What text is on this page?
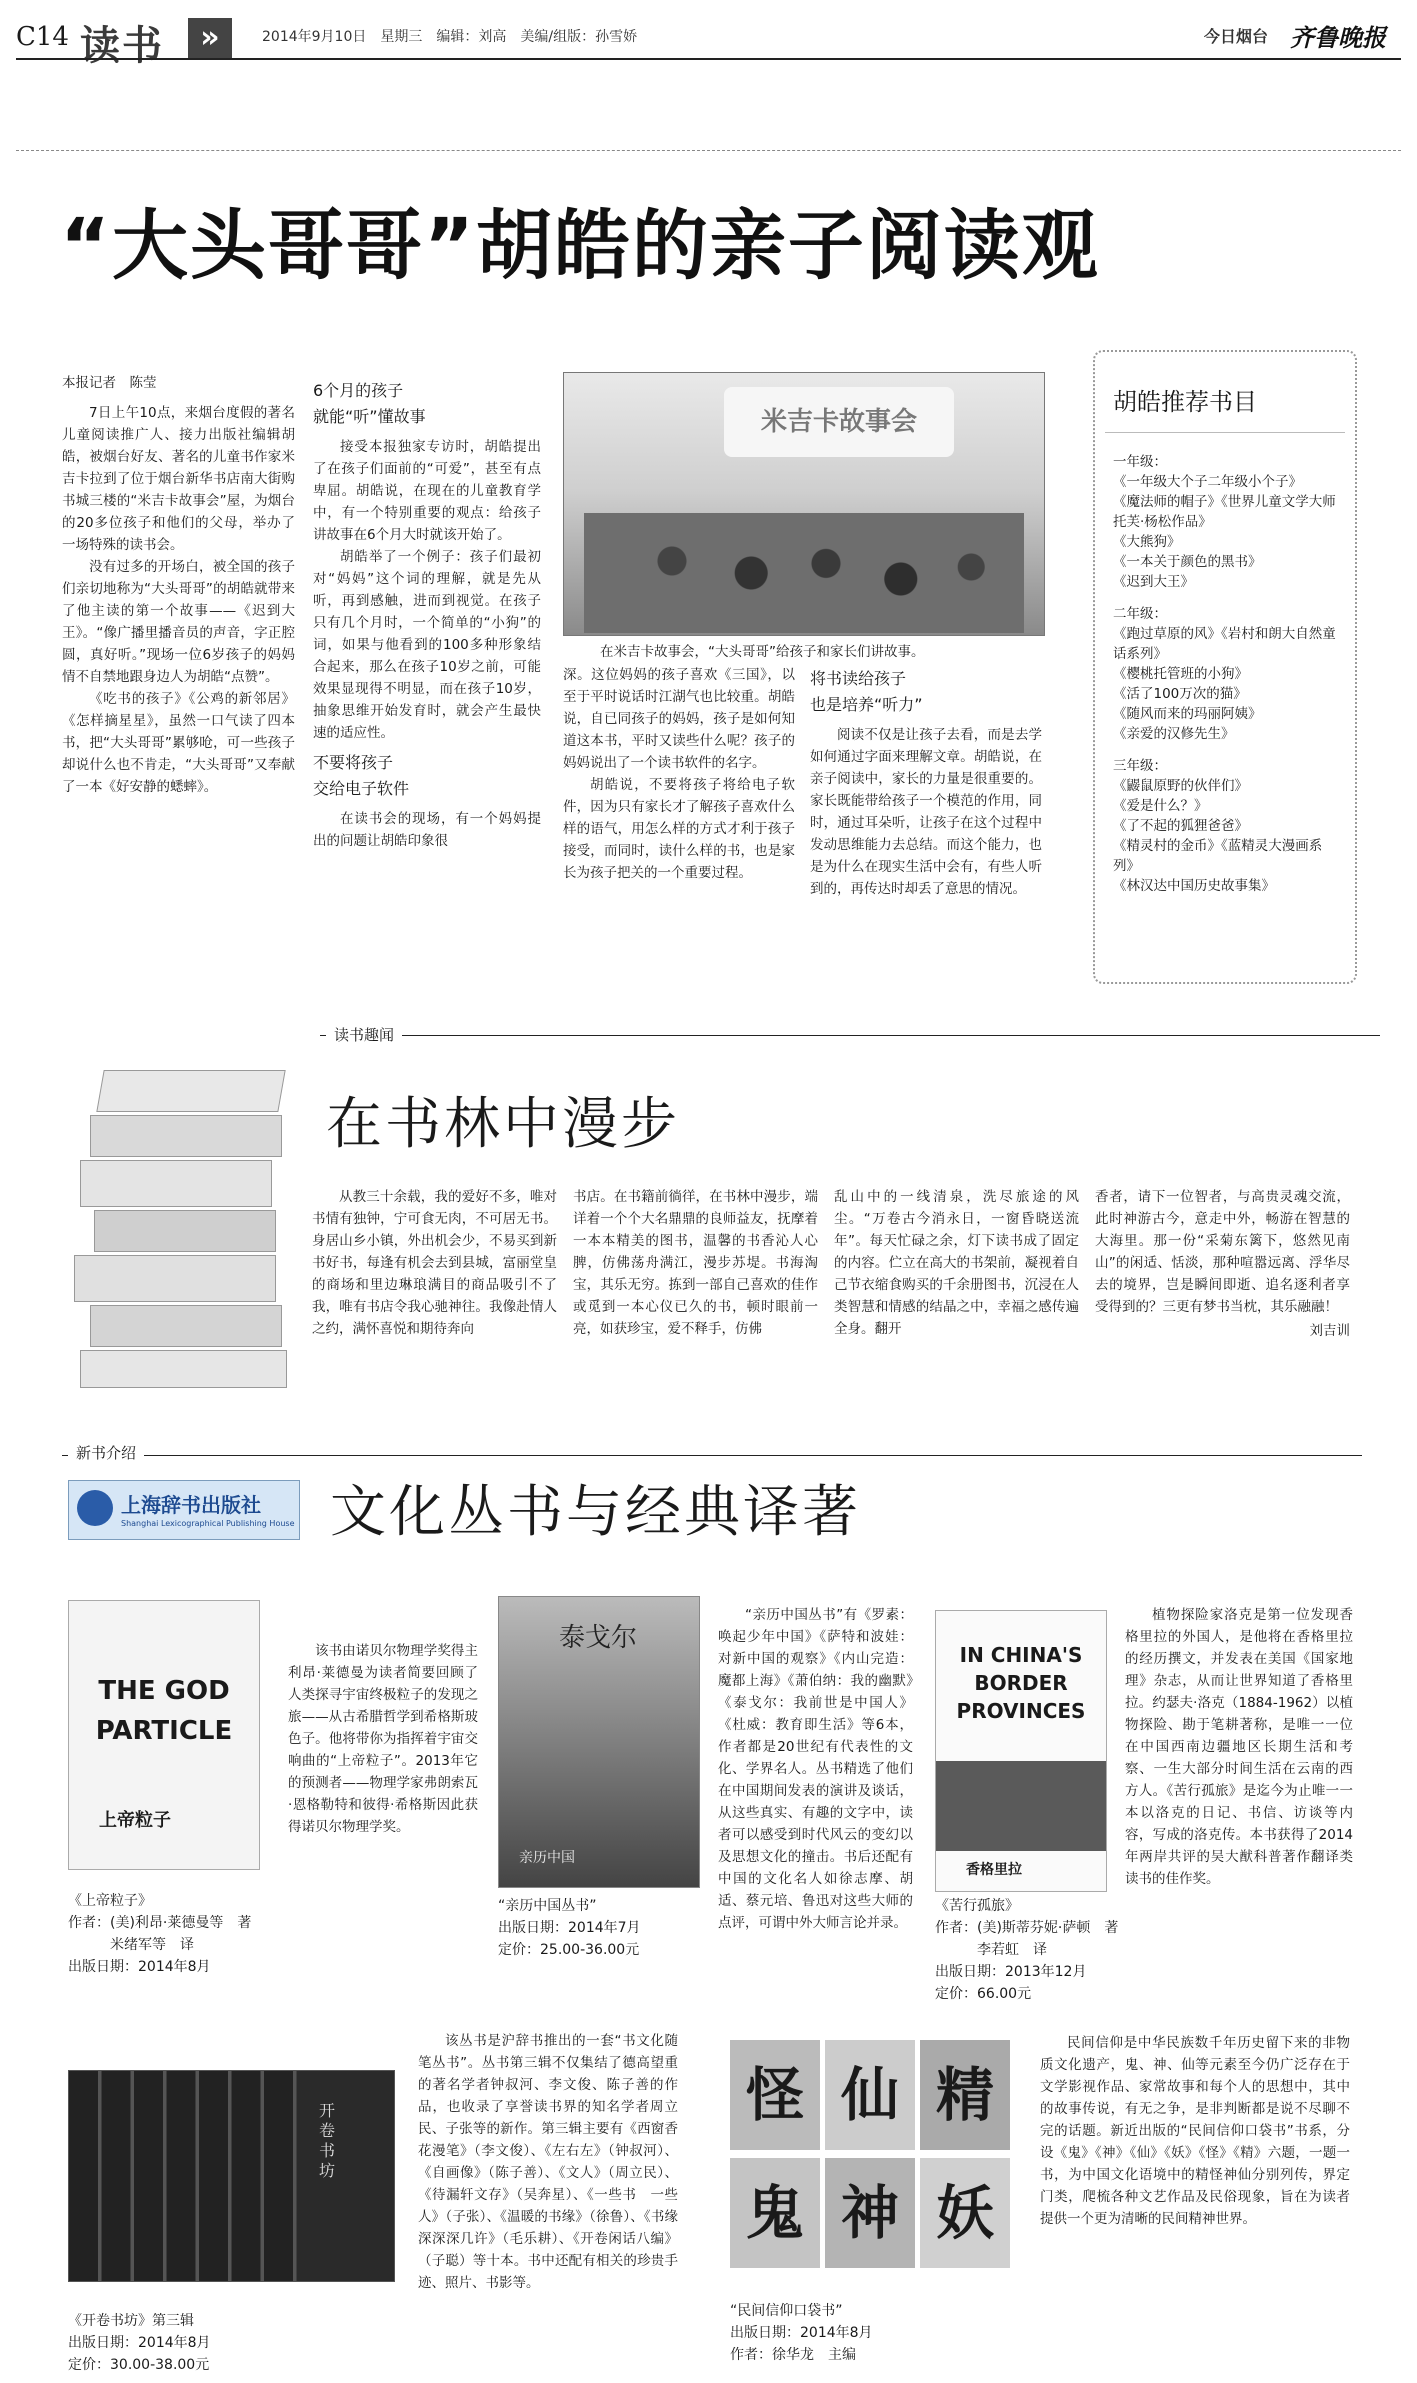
C14 读书	»	2014年9月10日　星期三　编辑：刘高　美编/组版：孙雪娇	今日烟台 齐鲁晚报
“大头哥哥”胡皓的亲子阅读观
本报记者　陈莹

7日上午10点，来烟台度假的著名儿童阅读推广人、接力出版社编辑胡皓，被烟台好友、著名的儿童书作家米吉卡拉到了位于烟台新华书店南大街购书城三楼的“米吉卡故事会”屋，为烟台的20多位孩子和他们的父母，举办了一场特殊的读书会。

没有过多的开场白，被全国的孩子们亲切地称为“大头哥哥”的胡皓就带来了他主读的第一个故事——《迟到大王》。“像广播里播音员的声音，字正腔圆，真好听。”现场一位6岁孩子的妈妈情不自禁地跟身边人为胡皓“点赞”。

《吃书的孩子》《公鸡的新邻居》《怎样摘星星》，虽然一口气读了四本书，把“大头哥哥”累够呛，可一些孩子却说什么也不肯走，“大头哥哥”又奉献了一本《好安静的蟋蟀》。

6个月的孩子
就能“听”懂故事

接受本报独家专访时，胡皓提出了在孩子们面前的“可爱”，甚至有点卑屈。胡皓说，在现在的儿童教育学中，有一个特别重要的观点：给孩子讲故事在6个月大时就该开始了。

胡皓举了一个例子：孩子们最初对“妈妈”这个词的理解，就是先从听，再到感触，进而到视觉。在孩子只有几个月时，一个简单的“小狗”的词，如果与他看到的100多种形象结合起来，那么在孩子10岁之前，可能效果显现得不明显，而在孩子10岁，抽象思维开始发育时，就会产生最快速的适应性。

不要将孩子
交给电子软件

在读书会的现场，有一个妈妈提出的问题让胡皓印象很

米吉卡故事会
在米吉卡故事会，“大头哥哥”给孩子和家长们讲故事。

深。这位妈妈的孩子喜欢《三国》，以至于平时说话时江湖气也比较重。胡皓说，自已同孩子的妈妈，孩子是如何知道这本书，平时又读些什么呢？孩子的妈妈说出了一个读书软件的名字。

胡皓说，不要将孩子将给电子软件，因为只有家长才了解孩子喜欢什么样的语气，用怎么样的方式才利于孩子接受，而同时，读什么样的书，也是家长为孩子把关的一个重要过程。

将书读给孩子
也是培养“听力”

阅读不仅是让孩子去看，而是去学如何通过字面来理解文章。胡皓说，在亲子阅读中，家长的力量是很重要的。家长既能带给孩子一个模范的作用，同时，通过耳朵听，让孩子在这个过程中发动思维能力去总结。而这个能力，也是为什么在现实生活中会有，有些人听到的，再传达时却丢了意思的情况。

胡皓推荐书目
一年级：
《一年级大个子二年级小个子》
《魔法师的帽子》《世界儿童文学大师托芙·杨松作品》
《大熊狗》
《一本关于颜色的黑书》
《迟到大王》
二年级：
《跑过草原的风》《岩村和朗大自然童话系列》
《樱桃托管班的小狗》
《活了100万次的猫》
《随风而来的玛丽阿姨》
《亲爱的汉修先生》
三年级：
《鼹鼠原野的伙伴们》
《爱是什么？》
《了不起的狐狸爸爸》
《精灵村的金币》《蓝精灵大漫画系列》
《林汉达中国历史故事集》
读书趣闻
在书林中漫步

从教三十余载，我的爱好不多，唯对书情有独钟，宁可食无肉，不可居无书。身居山乡小镇，外出机会少，不易买到新书好书，每逢有机会去到县城，富丽堂皇的商场和里边琳琅满目的商品吸引不了我，唯有书店令我心驰神往。我像赴情人之约，满怀喜悦和期待奔向

书店。在书籍前徜徉，在书林中漫步，端详着一个个大名鼎鼎的良师益友，抚摩着一本本精美的图书，温馨的书香沁人心脾，仿佛荡舟满江，漫步苏堤。书海淘宝，其乐无穷。拣到一部自己喜欢的佳作或觅到一本心仪已久的书，顿时眼前一亮，如获珍宝，爱不释手，仿佛

乱山中的一线清泉，洗尽旅途的风尘。“万卷古今消永日，一窗昏晓送流年”。每天忙碌之余，灯下读书成了固定的内容。伫立在高大的书架前，凝视着自己节衣缩食购买的千余册图书，沉浸在人类智慧和情感的结晶之中，幸福之感传遍全身。翻开

香者，请下一位智者，与高贵灵魂交流，此时神游古今，意走中外，畅游在智慧的大海里。那一份“采菊东篱下，悠然见南山”的闲适、恬淡，那种喧嚣远离、浮华尽去的境界，岂是瞬间即逝、追名逐利者享受得到的？三更有梦书当枕，其乐融融！

刘吉训
新书介绍
上海辞书出版社
Shanghai Lexicographical Publishing House 文化丛书与经典译著
THE GOD PARTICLE
上帝粒子

该书由诺贝尔物理学奖得主利昂·莱德曼为读者简要回顾了人类探寻宇宙终极粒子的发现之旅——从古希腊哲学到希格斯玻色子。他将带你为指挥着宇宙交响曲的“上帝粒子”。2013年它的预测者——物理学家弗朗索瓦·恩格勒特和彼得·希格斯因此获得诺贝尔物理学奖。

《上帝粒子》
作者：(美)利昂·莱德曼等　著
米绪军等　译
出版日期：2014年8月
泰戈尔
亲历中国

“亲历中国丛书”有《罗素：唤起少年中国》《萨特和波娃：对新中国的观察》《内山完造：魔都上海》《萧伯纳：我的幽默》《泰戈尔：我前世是中国人》《杜威：教育即生活》等6本，作者都是20世纪有代表性的文化、学界名人。丛书精选了他们在中国期间发表的演讲及谈话，从这些真实、有趣的文字中，读者可以感受到时代风云的变幻以及思想文化的撞击。书后还配有中国的文化名人如徐志摩、胡适、蔡元培、鲁迅对这些大师的点评，可谓中外大师言论并录。

“亲历中国丛书”
出版日期：2014年7月
定价：25.00-36.00元
IN CHINA'S BORDER PROVINCES
香格里拉

植物探险家洛克是第一位发现香格里拉的外国人，是他将在香格里拉的经历撰文，并发表在美国《国家地理》杂志，从而让世界知道了香格里拉。约瑟夫·洛克（1884-1962）以植物探险、勘于笔耕著称，是唯一一位在中国西南边疆地区长期生活和考察、一生大部分时间生活在云南的西方人。《苦行孤旅》是迄今为止唯一一本以洛克的日记、书信、访谈等内容，写成的洛克传。本书获得了2014年两岸共评的吴大猷科普著作翻译类读书的佳作奖。

《苦行孤旅》
作者：(美)斯蒂芬妮·萨顿　著
李若虹　译
出版日期：2013年12月
定价：66.00元
开卷书坊

该丛书是沪辞书推出的一套“书文化随笔丛书”。丛书第三辑不仅集结了德高望重的著名学者钟叔河、李文俊、陈子善的作品，也收录了享誉读书界的知名学者周立民、子张等的新作。第三辑主要有《西窗香花漫笔》（李文俊）、《左右左》（钟叔河）、《自画像》（陈子善）、《文人》（周立民）、《待漏轩文存》（吴奔星）、《一些书　一些人》（子张）、《温暖的书缘》（徐鲁）、《书缘深深深几许》（毛乐耕）、《开卷闲话八编》（子聪）等十本。书中还配有相关的珍贵手迹、照片、书影等。

《开卷书坊》第三辑
出版日期：2014年8月
定价：30.00-38.00元
怪 仙 精
鬼 神 妖

民间信仰是中华民族数千年历史留下来的非物质文化遗产，鬼、神、仙等元素至今仍广泛存在于文学影视作品、家常故事和每个人的思想中，其中的故事传说，有无之争，是非判断都是说不尽聊不完的话题。新近出版的“民间信仰口袋书”书系，分设《鬼》《神》《仙》《妖》《怪》《精》六题，一题一书，为中国文化语境中的精怪神仙分别列传，界定门类，爬梳各种文艺作品及民俗现象，旨在为读者提供一个更为清晰的民间精神世界。

“民间信仰口袋书”
出版日期：2014年8月
作者：徐华龙　主编
